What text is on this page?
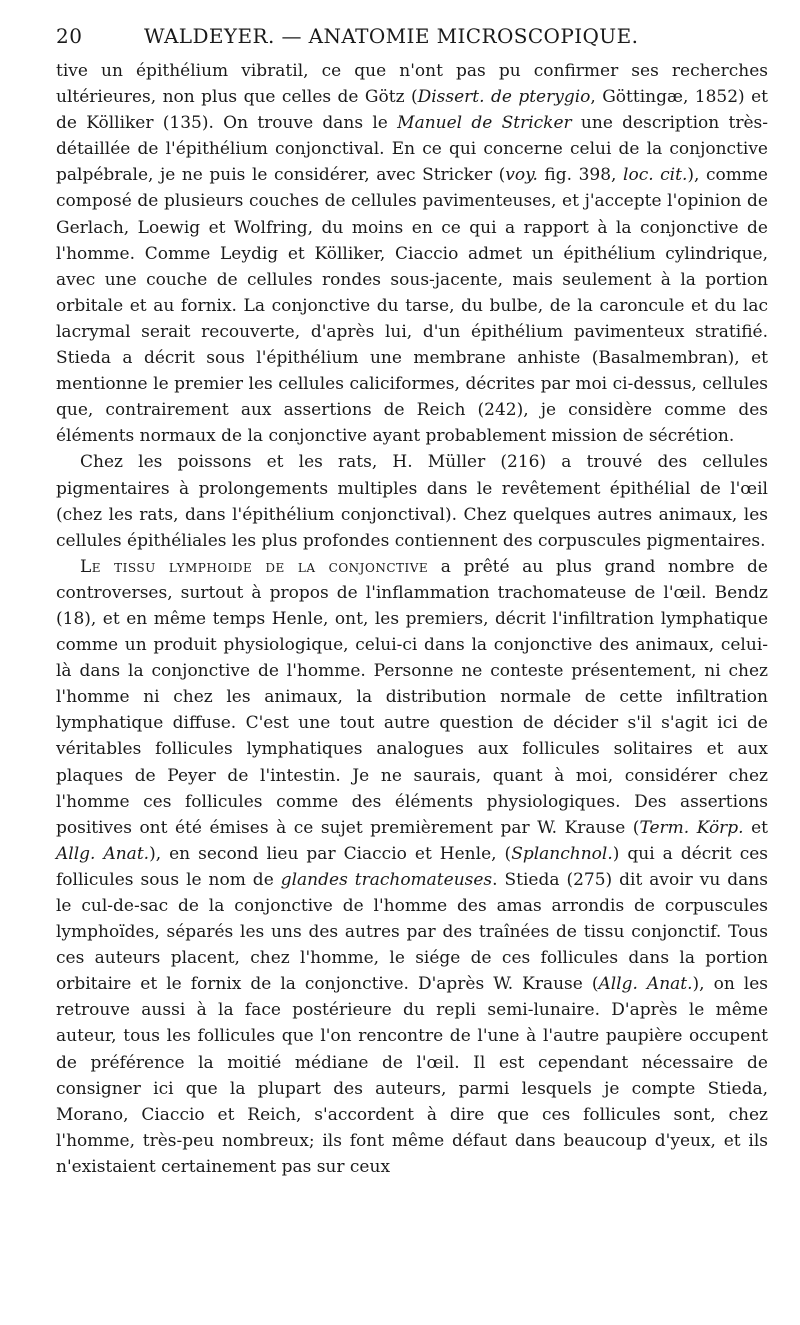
20	WALDEYER. — ANATOMIE MICROSCOPIQUE.

tive un épithélium vibratil, ce que n'ont pas pu confirmer ses recherches ultérieures, non plus que celles de Götz (Dissert. de pterygio, Göttingæ, 1852) et de Kölliker (135). On trouve dans le Manuel de Stricker une description très-détaillée de l'épithélium conjonctival. En ce qui concerne celui de la conjonctive palpébrale, je ne puis le considérer, avec Stricker (voy. fig. 398, loc. cit.), comme composé de plusieurs couches de cellules pavimenteuses, et j'accepte l'opinion de Gerlach, Loewig et Wolfring, du moins en ce qui a rapport à la conjonctive de l'homme. Comme Leydig et Kölliker, Ciaccio admet un épithélium cylindrique, avec une couche de cellules rondes sous-jacente, mais seulement à la portion orbitale et au fornix. La conjonctive du tarse, du bulbe, de la caroncule et du lac lacrymal serait recouverte, d'après lui, d'un épithélium pavimenteux stratifié. Stieda a décrit sous l'épithélium une membrane anhiste (Basalmembran), et mentionne le premier les cellules caliciformes, décrites par moi ci-dessus, cellules que, contrairement aux assertions de Reich (242), je considère comme des éléments normaux de la conjonctive ayant probablement mission de sécrétion.

Chez les poissons et les rats, H. Müller (216) a trouvé des cellules pigmentaires à prolongements multiples dans le revêtement épithélial de l'œil (chez les rats, dans l'épithélium conjonctival). Chez quelques autres animaux, les cellules épithéliales les plus profondes contiennent des corpuscules pigmentaires.

Le tissu lymphoide de la conjonctive a prêté au plus grand nombre de controverses, surtout à propos de l'inflammation trachomateuse de l'œil. Bendz (18), et en même temps Henle, ont, les premiers, décrit l'infiltration lymphatique comme un produit physiologique, celui-ci dans la conjonctive des animaux, celui-là dans la conjonctive de l'homme. Personne ne conteste présentement, ni chez l'homme ni chez les animaux, la distribution normale de cette infiltration lymphatique diffuse. C'est une tout autre question de décider s'il s'agit ici de véritables follicules lymphatiques analogues aux follicules solitaires et aux plaques de Peyer de l'intestin. Je ne saurais, quant à moi, considérer chez l'homme ces follicules comme des éléments physiologiques. Des assertions positives ont été émises à ce sujet premièrement par W. Krause (Term. Körp. et Allg. Anat.), en second lieu par Ciaccio et Henle, (Splanchnol.) qui a décrit ces follicules sous le nom de glandes trachomateuses. Stieda (275) dit avoir vu dans le cul-de-sac de la conjonctive de l'homme des amas arrondis de corpuscules lymphoïdes, séparés les uns des autres par des traînées de tissu conjonctif. Tous ces auteurs placent, chez l'homme, le siége de ces follicules dans la portion orbitaire et le fornix de la conjonctive. D'après W. Krause (Allg. Anat.), on les retrouve aussi à la face postérieure du repli semi-lunaire. D'après le même auteur, tous les follicules que l'on rencontre de l'une à l'autre paupière occupent de préférence la moitié médiane de l'œil. Il est cependant nécessaire de consigner ici que la plupart des auteurs, parmi lesquels je compte Stieda, Morano, Ciaccio et Reich, s'accordent à dire que ces follicules sont, chez l'homme, très-peu nombreux; ils font même défaut dans beaucoup d'yeux, et ils n'existaient certainement pas sur ceux
